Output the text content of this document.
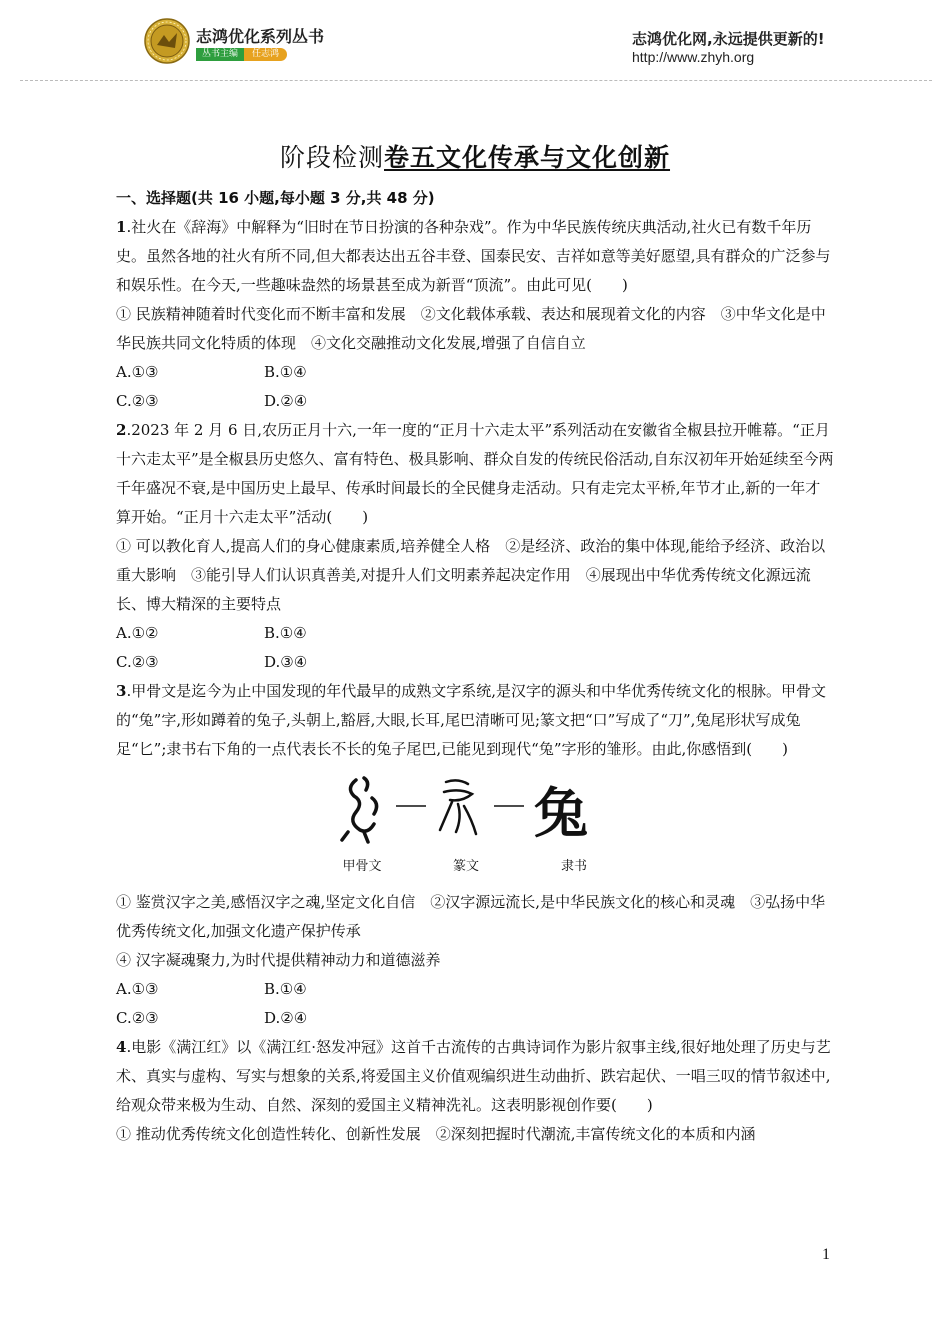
志鸿优化系列丛书
丛书主编	任志鸿
志鸿优化网,永远提供更新的!
http://www.zhyh.org
阶段检测卷五文化传承与文化创新

一、选择题(共 16 小题,每小题 3 分,共 48 分)

1.社火在《辞海》中解释为“旧时在节日扮演的各种杂戏”。作为中华民族传统庆典活动,社火已有数千年历史。虽然各地的社火有所不同,但大都表达出五谷丰登、国泰民安、吉祥如意等美好愿望,具有群众的广泛参与和娱乐性。在今天,一些趣味盎然的场景甚至成为新晋“顶流”。由此可见(　　)

① 民族精神随着时代变化而不断丰富和发展　②文化载体承载、表达和展现着文化的内容　③中华文化是中华民族共同文化特质的体现　④文化交融推动文化发展,增强了自信自立

A.①③	B.①④
C.②③	D.②④

2.2023 年 2 月 6 日,农历正月十六,一年一度的“正月十六走太平”系列活动在安徽省全椒县拉开帷幕。“正月十六走太平”是全椒县历史悠久、富有特色、极具影响、群众自发的传统民俗活动,自东汉初年开始延续至今两千年盛况不衰,是中国历史上最早、传承时间最长的全民健身走活动。只有走完太平桥,年节才止,新的一年才算开始。“正月十六走太平”活动(　　)

① 可以教化育人,提高人们的身心健康素质,培养健全人格　②是经济、政治的集中体现,能给予经济、政治以重大影响　③能引导人们认识真善美,对提升人们文明素养起决定作用　④展现出中华优秀传统文化源远流长、博大精深的主要特点

A.①②	B.①④
C.②③	D.③④

3.甲骨文是迄今为止中国发现的年代最早的成熟文字系统,是汉字的源头和中华优秀传统文化的根脉。甲骨文的“兔”字,形如蹲着的兔子,头朝上,豁唇,大眼,长耳,尾巴清晰可见;篆文把“口”写成了“刀”,兔尾形状写成兔足“匕”;隶书右下角的一点代表长不长的兔子尾巴,已能见到现代“兔”字形的雏形。由此,你感悟到(　　)

兔
甲骨文	篆文	隶书

① 鉴赏汉字之美,感悟汉字之魂,坚定文化自信　②汉字源远流长,是中华民族文化的核心和灵魂　③弘扬中华优秀传统文化,加强文化遗产保护传承

④ 汉字凝魂聚力,为时代提供精神动力和道德滋养

A.①③	B.①④
C.②③	D.②④

4.电影《满江红》以《满江红·怒发冲冠》这首千古流传的古典诗词作为影片叙事主线,很好地处理了历史与艺术、真实与虚构、写实与想象的关系,将爱国主义价值观编织进生动曲折、跌宕起伏、一唱三叹的情节叙述中,给观众带来极为生动、自然、深刻的爱国主义精神洗礼。这表明影视创作要(　　)

① 推动优秀传统文化创造性转化、创新性发展　②深刻把握时代潮流,丰富传统文化的本质和内涵

1
